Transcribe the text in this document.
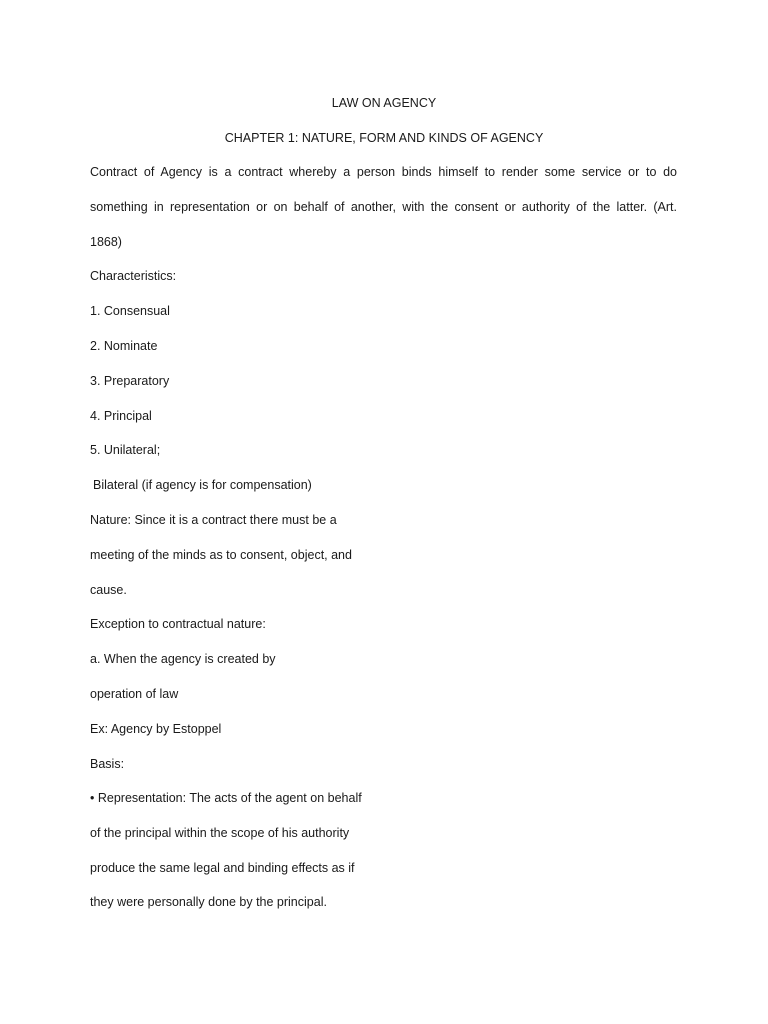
LAW ON AGENCY
CHAPTER 1: NATURE, FORM AND KINDS OF AGENCY
Contract of Agency is a contract whereby a person binds himself to render some service or to do
something in representation or on behalf of another, with the consent or authority of the latter. (Art.
1868)
Characteristics:
1. Consensual
2. Nominate
3. Preparatory
4. Principal
5. Unilateral;
Bilateral (if agency is for compensation)
Nature: Since it is a contract there must be a
meeting of the minds as to consent, object, and
cause.
Exception to contractual nature:
a. When the agency is created by
operation of law
Ex: Agency by Estoppel
Basis:
• Representation: The acts of the agent on behalf
of the principal within the scope of his authority
produce the same legal and binding effects as if
they were personally done by the principal.
